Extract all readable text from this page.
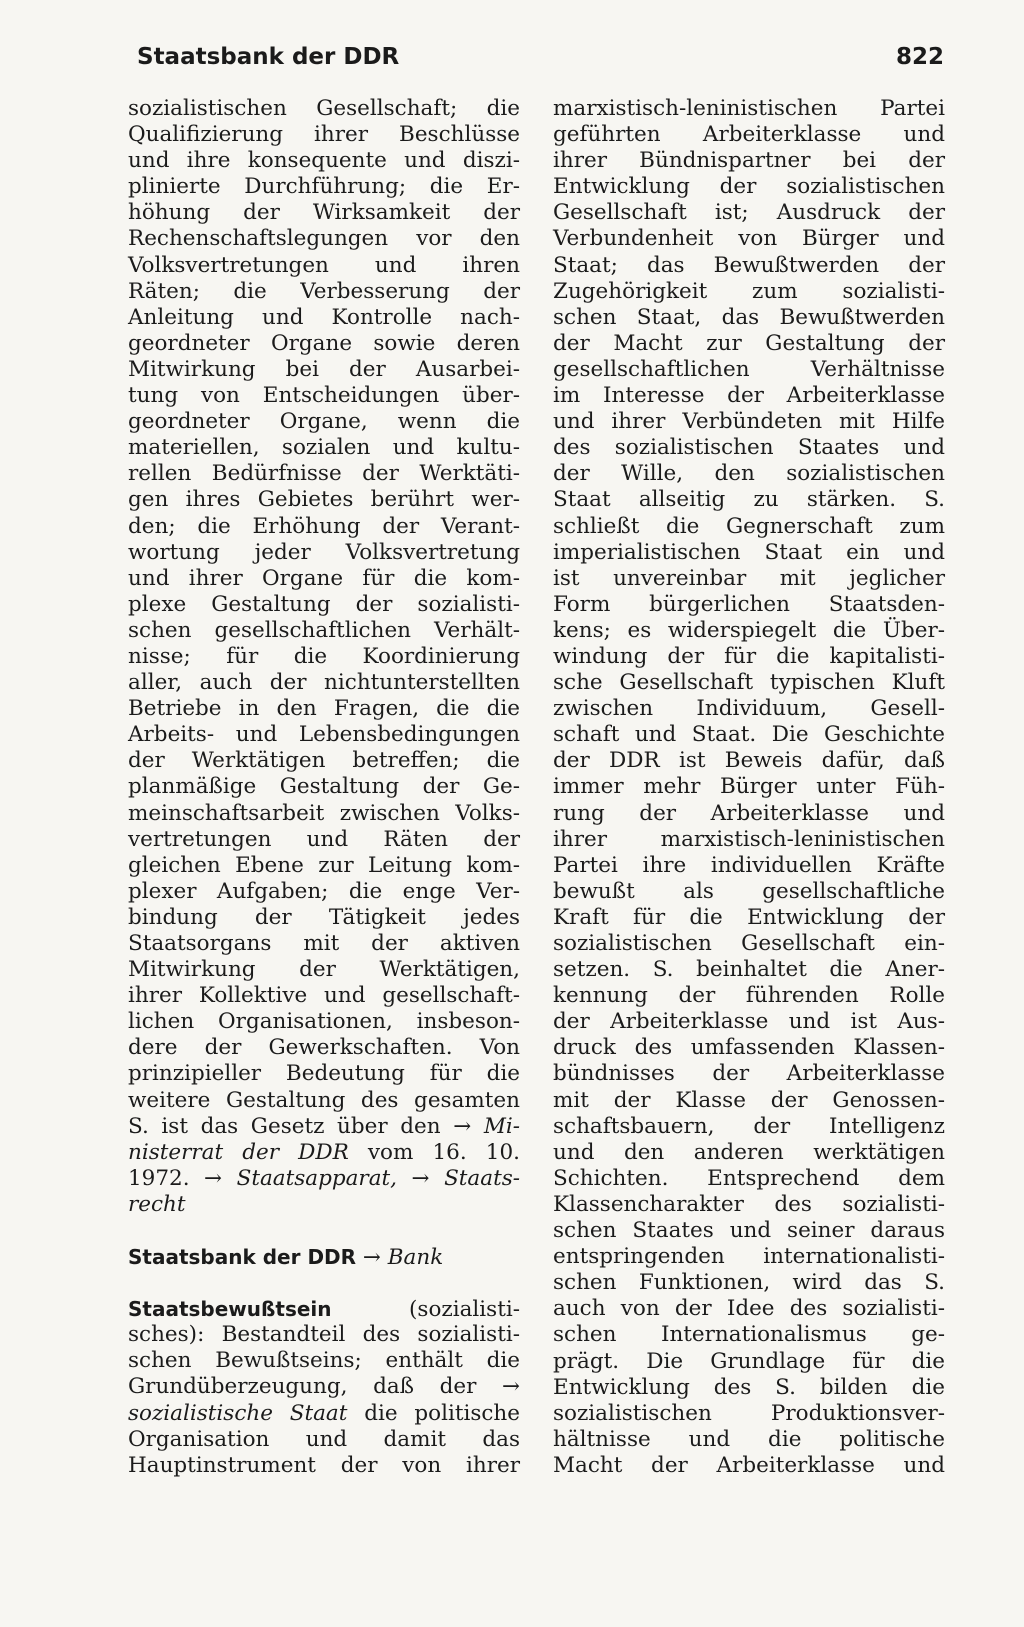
Staatsbank der DDR	822
sozialistischen Gesellschaft; die
Qualifizierung ihrer Beschlüsse
und ihre konsequente und diszi-
plinierte Durchführung; die Er-
höhung der Wirksamkeit der
Rechenschaftslegungen vor den
Volksvertretungen und ihren
Räten; die Verbesserung der
Anleitung und Kontrolle nach-
geordneter Organe sowie deren
Mitwirkung bei der Ausarbei-
tung von Entscheidungen über-
geordneter Organe, wenn die
materiellen, sozialen und kultu-
rellen Bedürfnisse der Werktäti-
gen ihres Gebietes berührt wer-
den; die Erhöhung der Verant-
wortung jeder Volksvertretung
und ihrer Organe für die kom-
plexe Gestaltung der sozialisti-
schen gesellschaftlichen Verhält-
nisse; für die Koordinierung
aller, auch der nichtunterstellten
Betriebe in den Fragen, die die
Arbeits- und Lebensbedingungen
der Werktätigen betreffen; die
planmäßige Gestaltung der Ge-
meinschaftsarbeit zwischen Volks-
vertretungen und Räten der
gleichen Ebene zur Leitung kom-
plexer Aufgaben; die enge Ver-
bindung der Tätigkeit jedes
Staatsorgans mit der aktiven
Mitwirkung der Werktätigen,
ihrer Kollektive und gesellschaft-
lichen Organisationen, insbeson-
dere der Gewerkschaften. Von
prinzipieller Bedeutung für die
weitere Gestaltung des gesamten
S. ist das Gesetz über den → Mi-
nisterrat der DDR vom 16. 10.
1972. → Staatsapparat, → Staats-
recht
Staatsbank der DDR → Bank
Staatsbewußtsein	(sozialisti-
sches): Bestandteil des sozialisti-
schen Bewußtseins; enthält die
Grundüberzeugung, daß der →
sozialistische Staat die politische
Organisation und damit das
Hauptinstrument der von ihrer
marxistisch-leninistischen Partei
geführten Arbeiterklasse und
ihrer Bündnispartner bei der
Entwicklung der sozialistischen
Gesellschaft ist; Ausdruck der
Verbundenheit von Bürger und
Staat; das Bewußtwerden der
Zugehörigkeit zum sozialisti-
schen Staat, das Bewußtwerden
der Macht zur Gestaltung der
gesellschaftlichen Verhältnisse
im Interesse der Arbeiterklasse
und ihrer Verbündeten mit Hilfe
des sozialistischen Staates und
der Wille, den sozialistischen
Staat allseitig zu stärken. S.
schließt die Gegnerschaft zum
imperialistischen Staat ein und
ist unvereinbar mit jeglicher
Form bürgerlichen Staatsden-
kens; es widerspiegelt die Über-
windung der für die kapitalisti-
sche Gesellschaft typischen Kluft
zwischen Individuum, Gesell-
schaft und Staat. Die Geschichte
der DDR ist Beweis dafür, daß
immer mehr Bürger unter Füh-
rung der Arbeiterklasse und
ihrer marxistisch-leninistischen
Partei ihre individuellen Kräfte
bewußt als gesellschaftliche
Kraft für die Entwicklung der
sozialistischen Gesellschaft ein-
setzen. S. beinhaltet die Aner-
kennung der führenden Rolle
der Arbeiterklasse und ist Aus-
druck des umfassenden Klassen-
bündnisses der Arbeiterklasse
mit der Klasse der Genossen-
schaftsbauern, der Intelligenz
und den anderen werktätigen
Schichten. Entsprechend dem
Klassencharakter des sozialisti-
schen Staates und seiner daraus
entspringenden internationalisti-
schen Funktionen, wird das S.
auch von der Idee des sozialisti-
schen Internationalismus ge-
prägt. Die Grundlage für die
Entwicklung des S. bilden die
sozialistischen Produktionsver-
hältnisse und die politische
Macht der Arbeiterklasse und
